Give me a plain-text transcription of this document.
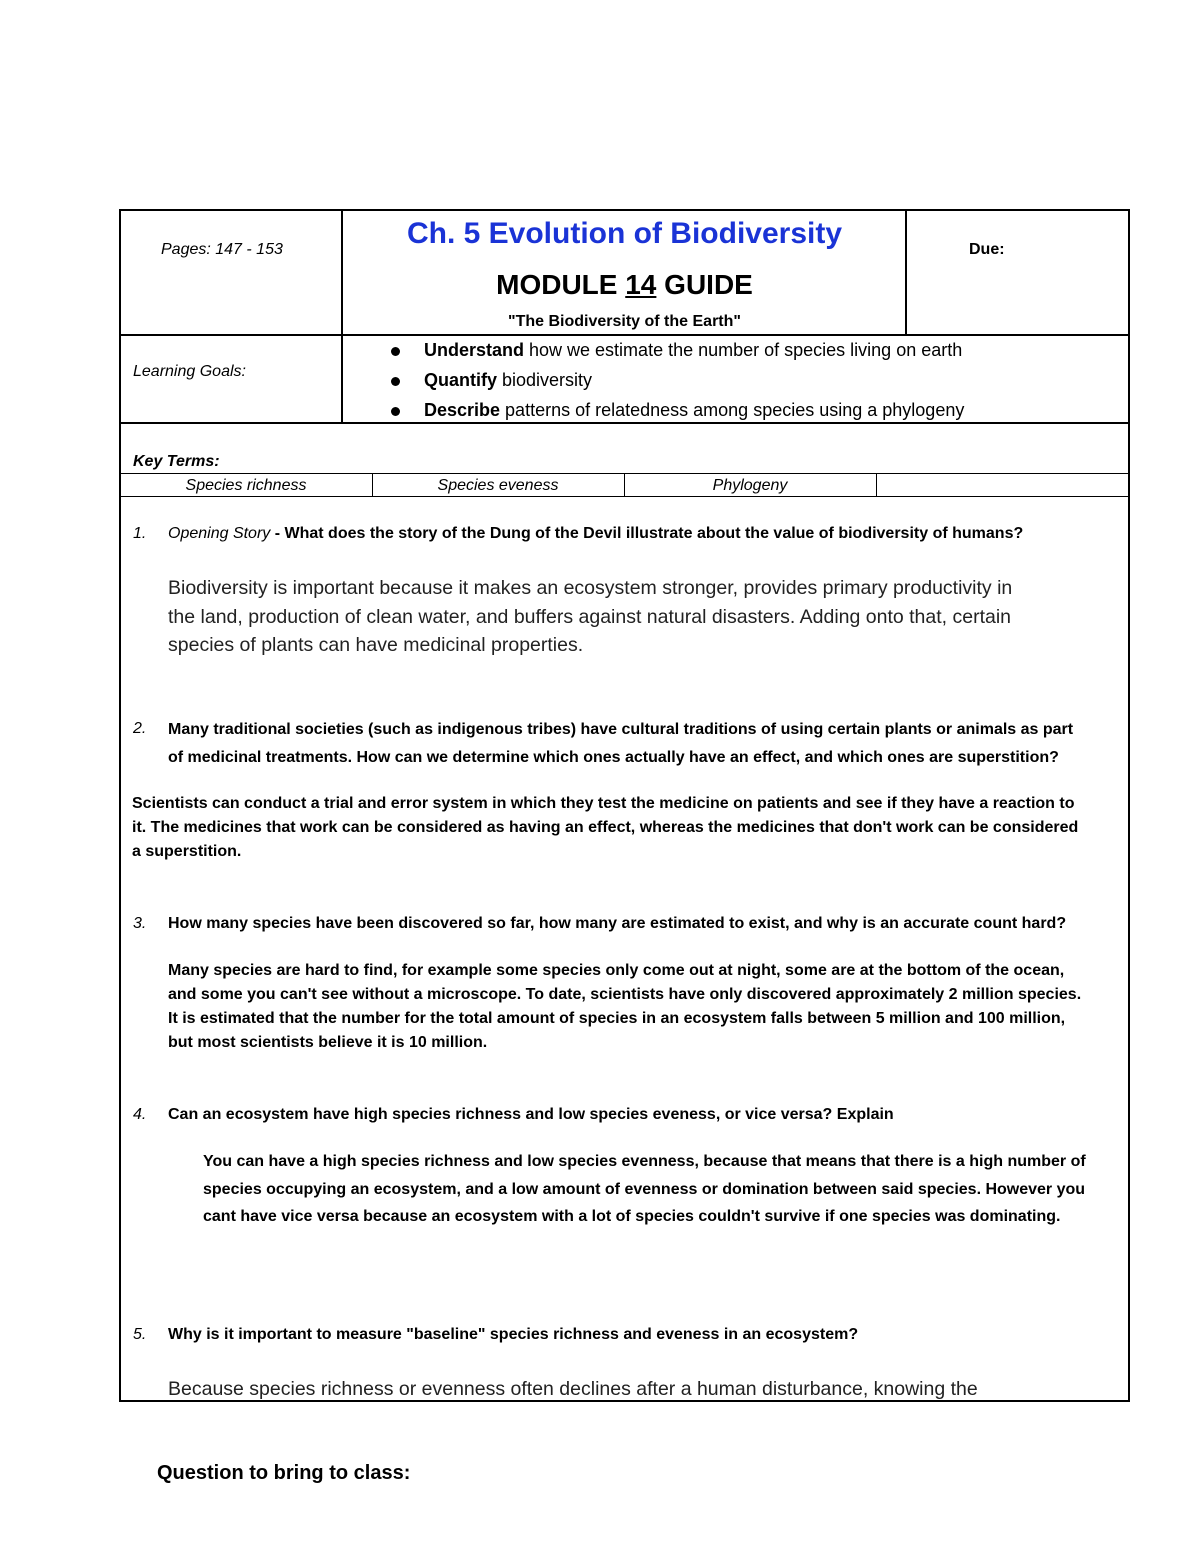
Pages: 147 - 153	Ch. 5 Evolution of Biodiversity
MODULE 14 GUIDE
"The Biodiversity of the Earth"
Due:
Learning Goals:
Understand how we estimate the number of species living on earth
Quantify biodiversity
Describe patterns of relatedness among species using a phylogeny
Key Terms:
Species richness	Species eveness	Phylogeny
1. Opening Story - What does the story of the Dung of the Devil illustrate about the value of biodiversity of humans?
Biodiversity is important because it makes an ecosystem stronger, provides primary productivity in
the land, production of clean water, and buffers against natural disasters. Adding onto that, certain
species of plants can have medicinal properties.
2. Many traditional societies (such as indigenous tribes) have cultural traditions of using certain plants or animals as part
of medicinal treatments. How can we determine which ones actually have an effect, and which ones are superstition?
Scientists can conduct a trial and error system in which they test the medicine on patients and see if they have a reaction to
it. The medicines that work can be considered as having an effect, whereas the medicines that don't work can be considered
a superstition.
3. How many species have been discovered so far, how many are estimated to exist, and why is an accurate count hard?
Many species are hard to find, for example some species only come out at night, some are at the bottom of the ocean,
and some you can't see without a microscope. To date, scientists have only discovered approximately 2 million species.
It is estimated that the number for the total amount of species in an ecosystem falls between 5 million and 100 million,
but most scientists believe it is 10 million.
4. Can an ecosystem have high species richness and low species eveness, or vice versa? Explain
You can have a high species richness and low species evenness, because that means that there is a high number of
species occupying an ecosystem, and a low amount of evenness or domination between said species. However you
cant have vice versa because an ecosystem with a lot of species couldn't survive if one species was dominating.
5. Why is it important to measure "baseline" species richness and eveness in an ecosystem?
Because species richness or evenness often declines after a human disturbance, knowing the
Question to bring to class:
